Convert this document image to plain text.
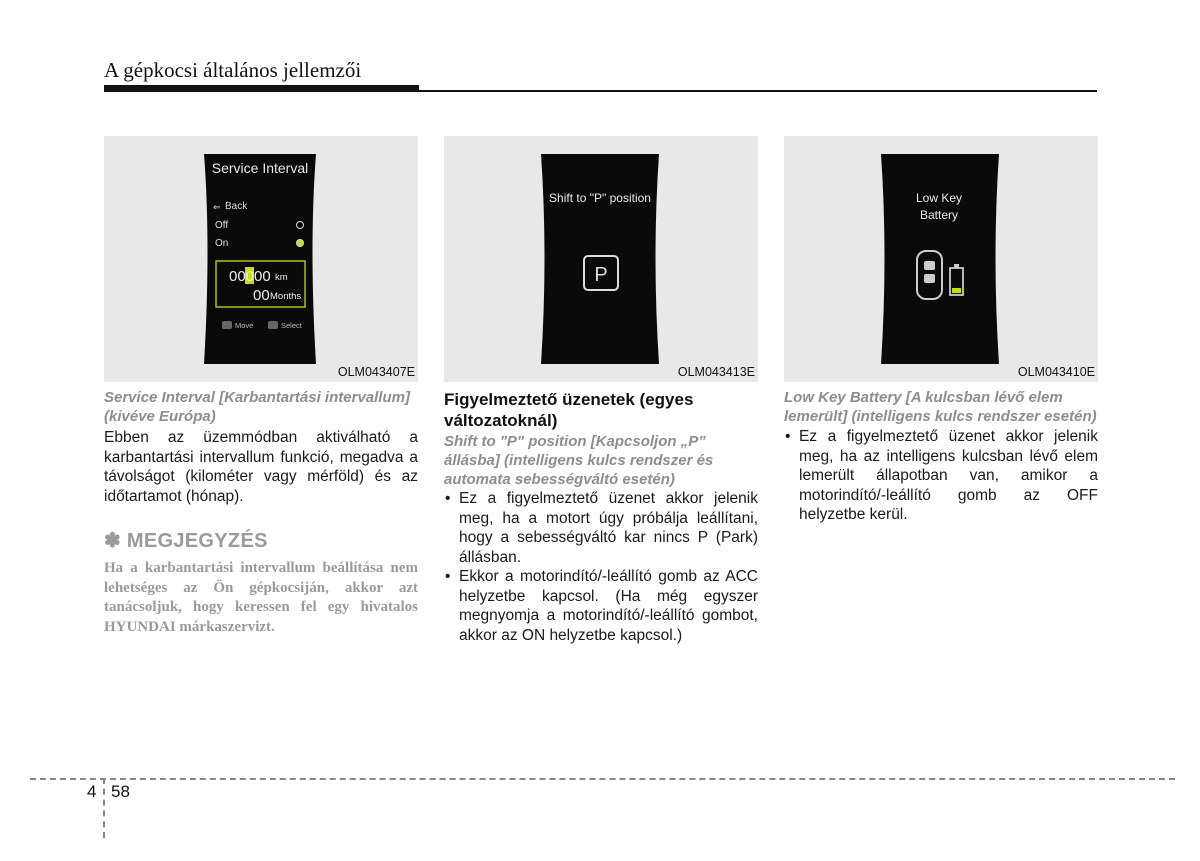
A gépkocsi általános jellemzői
Service Interval
⇐ Back
Off
On
00000 km
00 Months
Move	Select
OLM043407E
Service Interval [Karbantartási intervallum] (kivéve Európa)
Ebben az üzemmódban aktiválható a karbantartási intervallum funkció, megadva a távolságot (kilométer vagy mérföld) és az időtartamot (hónap).
✽ MEGJEGYZÉS
Ha a karbantartási intervallum beállítása nem lehetséges az Ön gépkocsiján, akkor azt tanácsoljuk, hogy keressen fel egy hivatalos HYUNDAI márkaszervizt.
Shift to "P" position
P
OLM043413E
Figyelmeztető üzenetek (egyes változatoknál)
Shift to "P" position [Kapcsoljon „P” állásba] (intelligens kulcs rendszer és automata sebességváltó esetén)
• Ez a figyelmeztető üzenet akkor jelenik meg, ha a motort úgy próbálja leállítani, hogy a sebességváltó kar nincs P (Park) állásban.
• Ekkor a motorindító/-leállító gomb az ACC helyzetbe kapcsol. (Ha még egyszer megnyomja a motorindító/-leállító gombot, akkor az ON helyzetbe kapcsol.)
Low Key
Battery
OLM043410E
Low Key Battery [A kulcsban lévő elem lemerült] (intelligens kulcs rendszer esetén)
• Ez a figyelmeztető üzenet akkor jelenik meg, ha az intelligens kulcsban lévő elem lemerült állapotban van, amikor a motorindító/-leállító gomb az OFF helyzetbe kerül.
4 58
